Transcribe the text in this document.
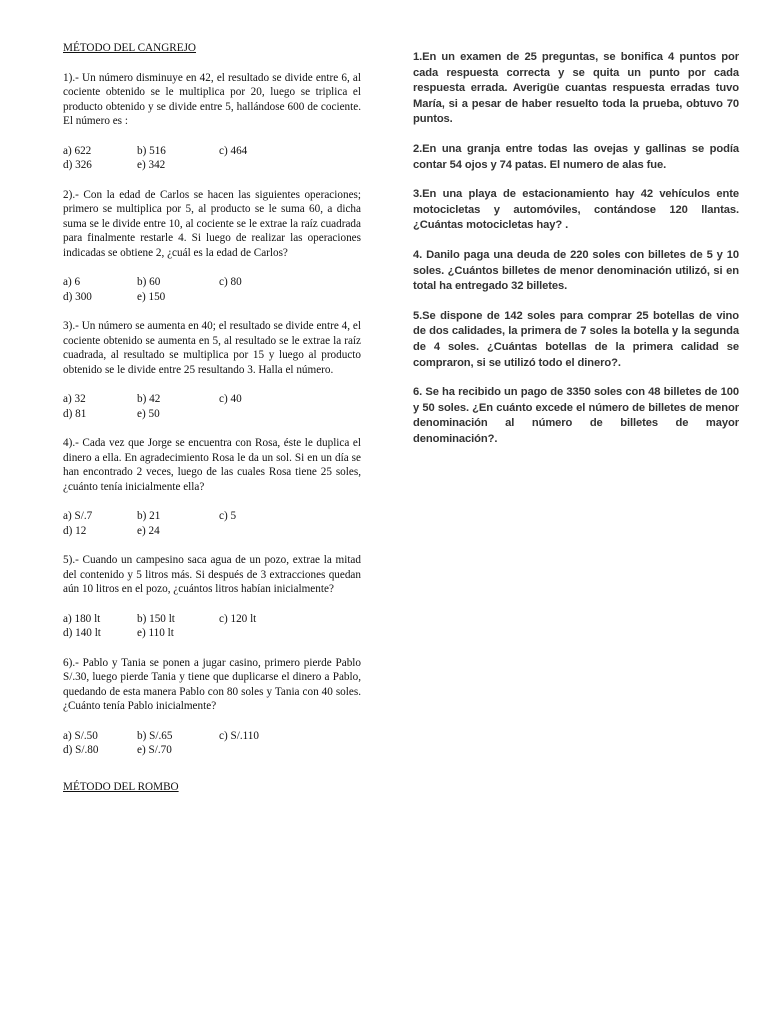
MÉTODO DEL CANGREJO
1).- Un número disminuye en 42, el resultado se divide entre 6, al cociente obtenido se le multiplica por 20, luego se triplica el producto obtenido y se divide entre 5, hallándose 600 de cociente. El número es :
a) 622	b) 516	c) 464
d) 326	e) 342
2).- Con la edad de Carlos se hacen las siguientes operaciones; primero se multiplica por 5, al producto se le suma 60, a dicha suma se le divide entre 10, al cociente se le extrae la raíz cuadrada para finalmente restarle 4. Si luego de realizar las operaciones indicadas se obtiene 2, ¿cuál es la edad de Carlos?
a) 6	b) 60	c) 80
d) 300	e) 150
3).- Un número se aumenta en 40; el resultado se divide entre 4, el cociente obtenido se aumenta en 5, al resultado se le extrae la raíz cuadrada, al resultado se multiplica por 15 y luego al producto obtenido se le divide entre 25 resultando 3. Halla el número.
a) 32	b) 42	c) 40
d) 81	e) 50
4).- Cada vez que Jorge se encuentra con Rosa, éste le duplica el dinero a ella. En agradecimiento Rosa le da un sol. Si en un día se han encontrado 2 veces, luego de las cuales Rosa tiene 25 soles, ¿cuánto tenía inicialmente ella?
a) S/.7	b) 21	c) 5
d) 12	e) 24
5).- Cuando un campesino saca agua de un pozo, extrae la mitad del contenido y 5 litros más. Si después de 3 extracciones quedan aún 10 litros en el pozo, ¿cuántos litros habían inicialmente?
a) 180 lt	b) 150 lt	c) 120 lt
d) 140 lt	e) 110 lt
6).- Pablo y Tania se ponen a jugar casino, primero pierde Pablo S/.30, luego pierde Tania y tiene que duplicarse el dinero a Pablo, quedando de esta manera Pablo con 80 soles y Tania con 40 soles. ¿Cuánto tenía Pablo inicialmente?
a) S/.50	b) S/.65	c) S/.110
d) S/.80	e) S/.70
MÉTODO DEL ROMBO
1.En un examen de 25 preguntas, se bonifica 4 puntos por cada respuesta correcta y se quita un punto por cada respuesta errada. Averigüe cuantas respuesta erradas tuvo María, si a pesar de haber resuelto toda la prueba, obtuvo 70 puntos.
2.En una granja entre todas las ovejas y gallinas se podía contar 54 ojos y 74 patas. El numero de alas fue.
3.En una playa de estacionamiento hay 42 vehículos ente motocicletas y automóviles, contándose 120 llantas. ¿Cuántas motocicletas hay? .
4. Danilo paga una deuda de 220 soles con billetes de 5 y 10 soles. ¿Cuántos billetes de menor denominación utilizó, si en total ha entregado 32 billetes.
5.Se dispone de 142 soles para comprar 25 botellas de vino de dos calidades, la primera de 7 soles la botella y la segunda de 4 soles. ¿Cuántas botellas de la primera calidad se compraron, si se utilizó todo el dinero?.
6. Se ha recibido un pago de 3350 soles con 48 billetes de 100 y 50 soles. ¿En cuánto excede el número de billetes de menor denominación al número de billetes de mayor denominación?.
